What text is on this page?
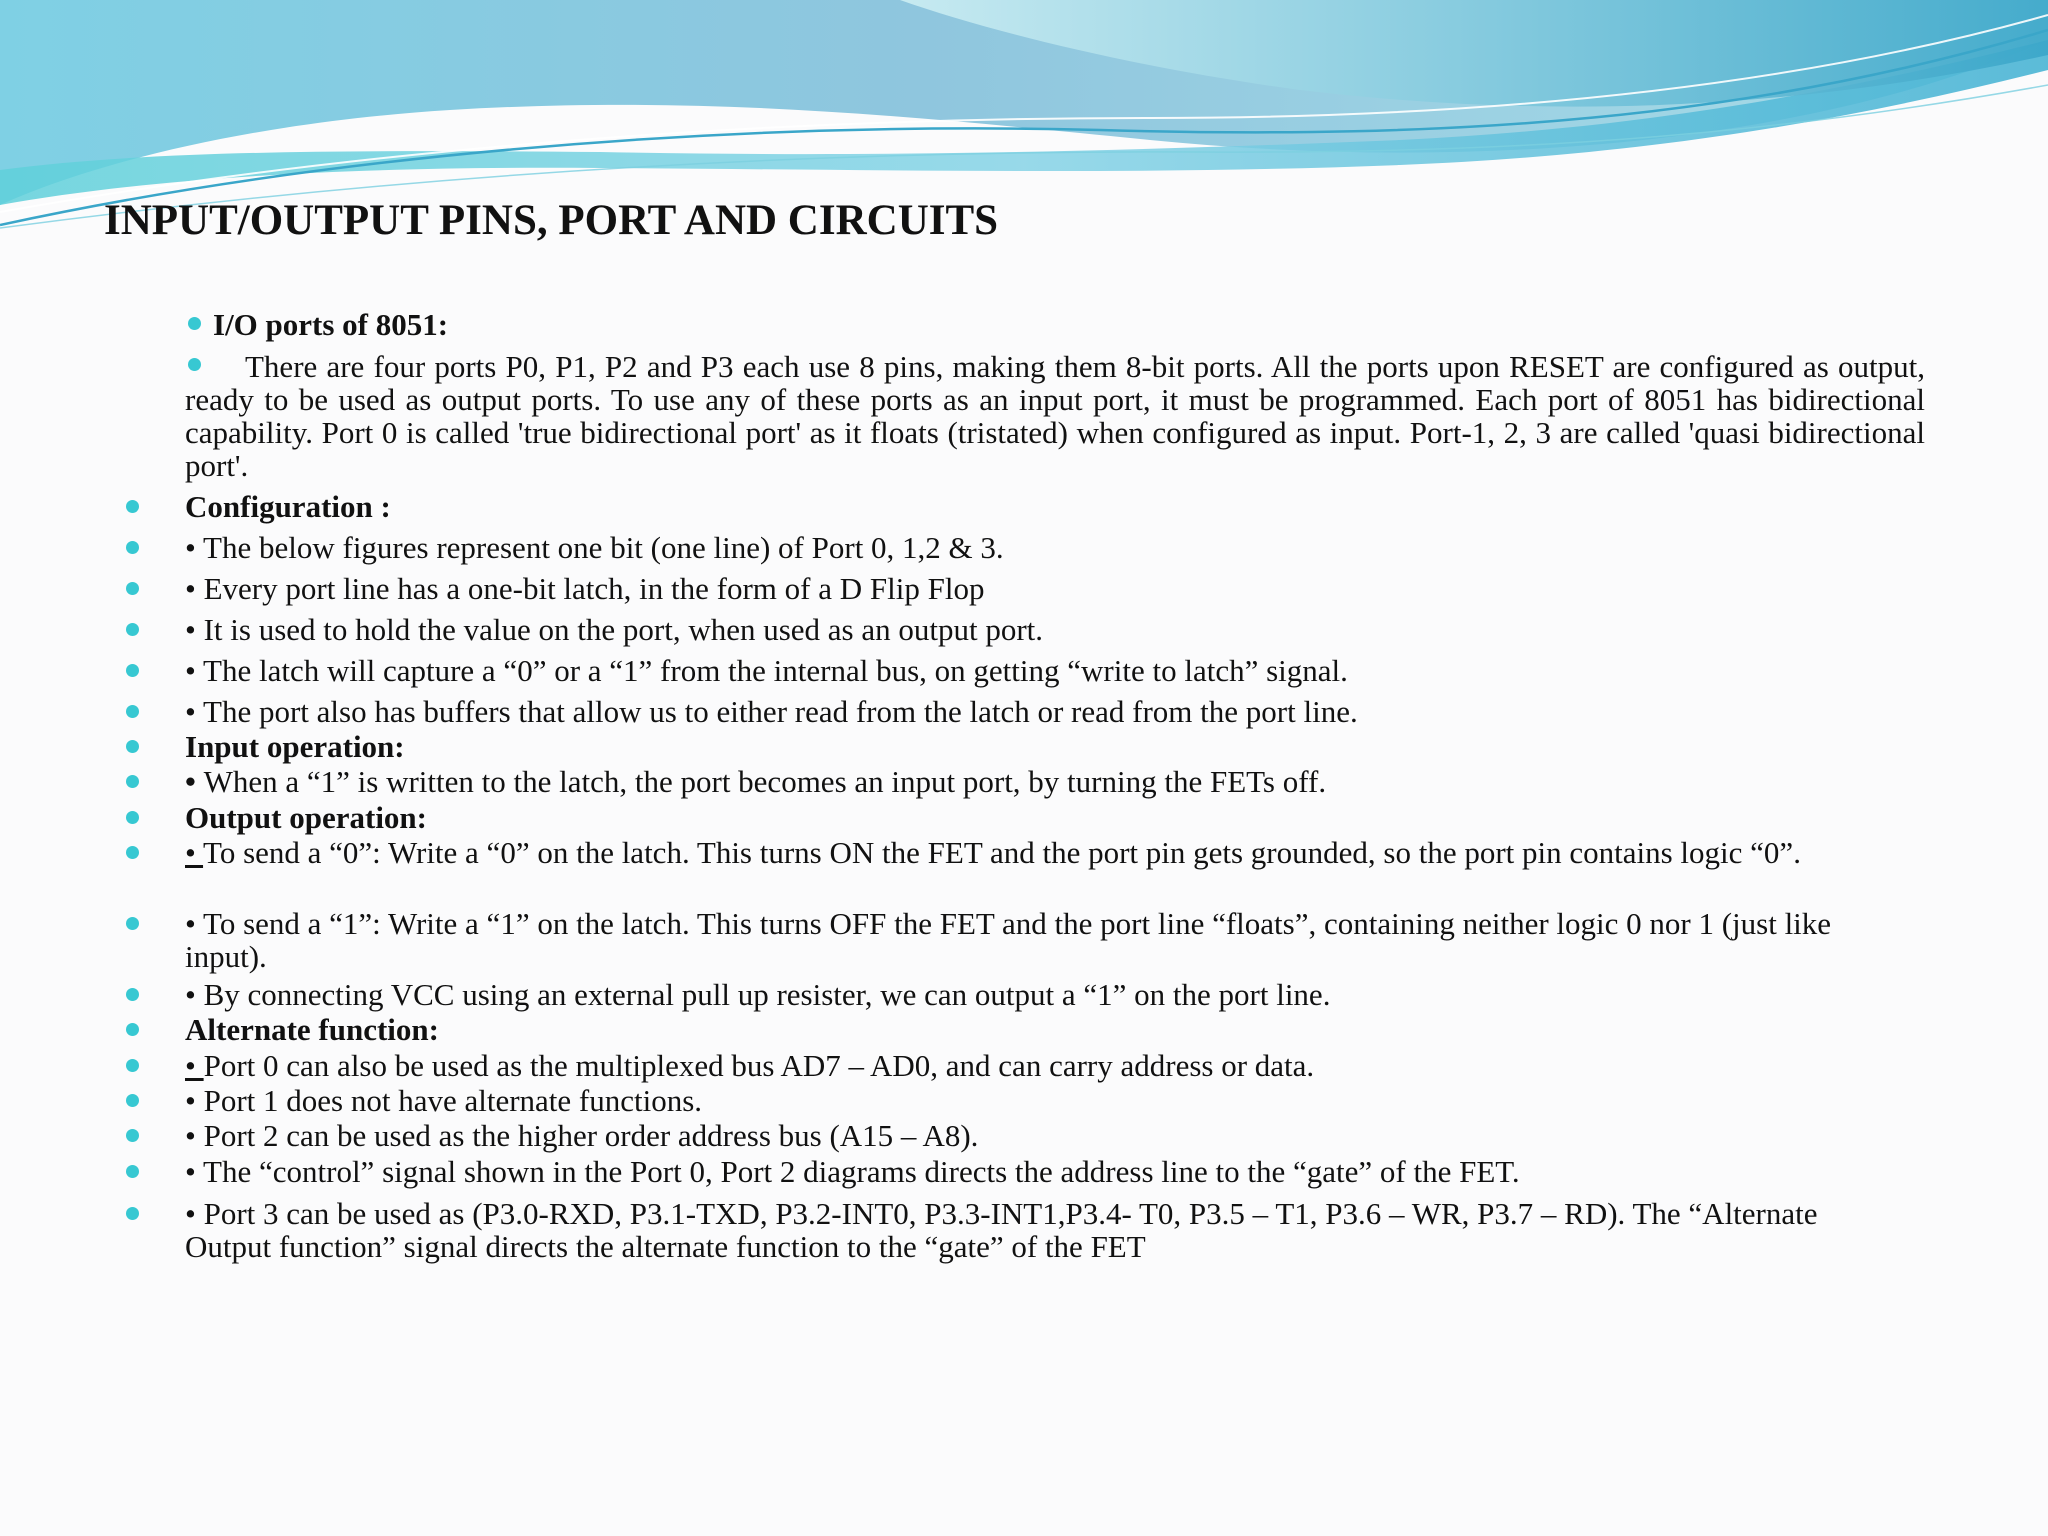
INPUT/OUTPUT PINS, PORT AND CIRCUITS
I/O ports of 8051:
There are four ports P0, P1, P2 and P3 each use 8 pins, making them 8-bit ports. All the ports upon RESET are configured as output, ready to be used as output ports. To use any of these ports as an input port, it must be programmed. Each port of 8051 has bidirectional capability. Port 0 is called 'true bidirectional port' as it floats (tristated) when configured as input. Port-1, 2, 3 are called 'quasi bidirectional port'.
Configuration :
• The below figures represent one bit (one line) of Port 0, 1,2 & 3.
• Every port line has a one-bit latch, in the form of a D Flip Flop
• It is used to hold the value on the port, when used as an output port.
• The latch will capture a “0” or a “1” from the internal bus, on getting “write to latch” signal.
• The port also has buffers that allow us to either read from the latch or read from the port line.
Input operation:
• When a “1” is written to the latch, the port becomes an input port, by turning the FETs off.
Output operation:
• To send a “0”: Write a “0” on the latch. This turns ON the FET and the port pin gets grounded, so the port pin contains logic “0”.
• To send a “1”: Write a “1” on the latch. This turns OFF the FET and the port line “floats”, containing neither logic 0 nor 1 (just like input).
• By connecting VCC using an external pull up resister, we can output a “1” on the port line.
Alternate function:
• Port 0 can also be used as the multiplexed bus AD7 – AD0, and can carry address or data.
• Port 1 does not have alternate functions.
• Port 2 can be used as the higher order address bus (A15 – A8).
• The “control” signal shown in the Port 0, Port 2 diagrams directs the address line to the “gate” of the FET.
• Port 3 can be used as (P3.0-RXD, P3.1-TXD, P3.2-INT0, P3.3-INT1,P3.4- T0, P3.5 – T1, P3.6 – WR, P3.7 – RD). The “Alternate Output function” signal directs the alternate function to the “gate” of the FET
